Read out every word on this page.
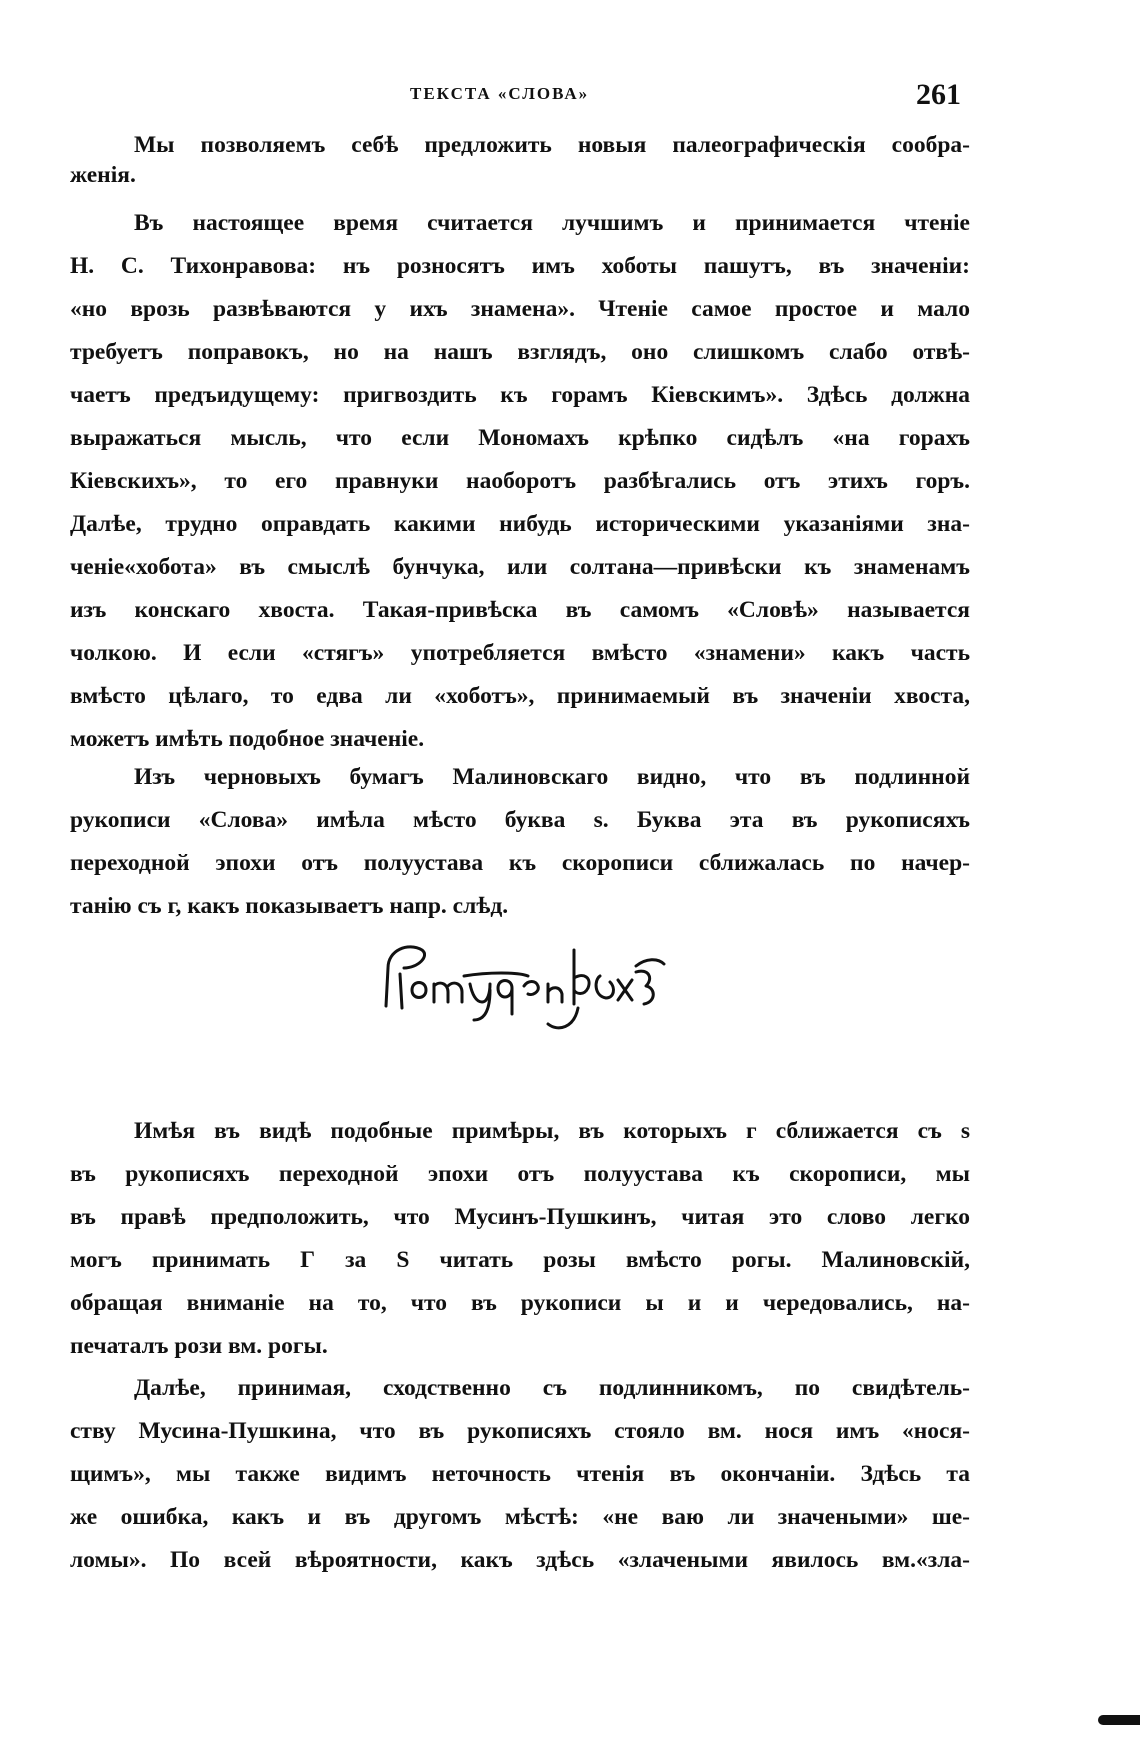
ТЕКСТА «СЛОВА»	261
Мы позволяемъ себѣ предложить новыя палеографическія сообра-
женія.
Въ настоящее время считается лучшимъ и принимается чтеніе
Н. С. Тихонравова: нъ розносятъ имъ хоботы пашутъ, въ значеніи:
«но врозь развѣваются у ихъ знамена». Чтеніе самое простое и мало
требуетъ поправокъ, но на нашъ взглядъ, оно слишкомъ слабо отвѣ-
чаетъ предъидущему: пригвоздить къ горамъ Кіевскимъ». Здѣсь должна
выражаться мысль, что если Мономахъ крѣпко сидѣлъ «на горахъ
Кіевскихъ», то его правнуки наоборотъ разбѣгались отъ этихъ горъ.
Далѣе, трудно оправдать какими нибудь историческими указаніями зна-
ченіе«хобота» въ смыслѣ бунчука, или солтана—привѣски къ знаменамъ
изъ конскаго хвоста. Такая-привѣска въ самомъ «Словѣ» называется
чолкою. И если «стягъ» употребляется вмѣсто «знамени» какъ часть
вмѣсто цѣлаго, то едва ли «хоботъ», принимаемый въ значеніи хвоста,
можетъ имѣть подобное значеніе.
Изъ черновыхъ бумагъ Малиновскаго видно, что въ подлинной
рукописи «Слова» имѣла мѣсто буква ѕ. Буква эта въ рукописяхъ
переходной эпохи отъ полуустава къ скорописи сближалась по начер-
танію съ г, какъ показываетъ напр. слѣд.
Имѣя въ видѣ подобные примѣры, въ которыхъ г сближается съ ѕ
въ рукописяхъ переходной эпохи отъ полуустава къ скорописи, мы
въ правѣ предположить, что Мусинъ-Пушкинъ, читая это слово легко
могъ принимать Г за Ѕ читать розы вмѣсто рогы. Малиновскій,
обращая вниманіе на то, что въ рукописи ы и и чередовались, на-
печаталъ рози вм. рогы.
Далѣе, принимая, сходственно съ подлинникомъ, по свидѣтель-
ству Мусина-Пушкина, что въ рукописяхъ стояло вм. нося имъ «нося-
щимъ», мы также видимъ неточность чтенія въ окончаніи. Здѣсь та
же ошибка, какъ и въ другомъ мѣстѣ: «не ваю ли значеными» ше-
ломы». По всей вѣроятности, какъ здѣсь «злачеными явилось вм.«зла-
